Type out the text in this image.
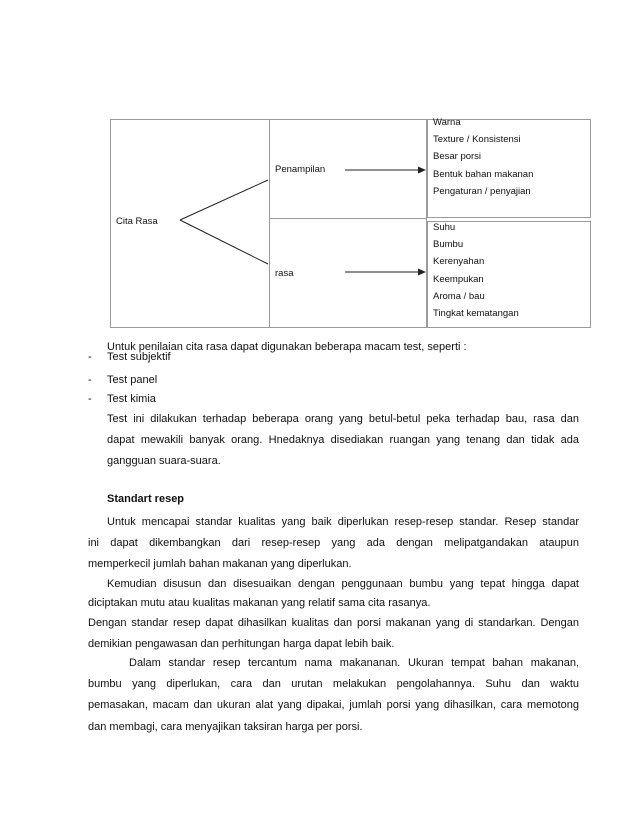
Cita Rasa
Penampilan
rasa
Warna
Texture / Konsistensi
Besar porsi
Bentuk bahan makanan
Pengaturan / penyajian
Suhu
Bumbu
Kerenyahan
Keempukan
Aroma / bau
Tingkat kematangan
Untuk penilaian cita rasa dapat digunakan beberapa macam test, seperti :
- Test subjektif
- Test panel
- Test kimia
Test ini dilakukan terhadap beberapa orang yang betul-betul peka terhadap bau, rasa dan
dapat mewakili banyak orang. Hnedaknya disediakan ruangan yang tenang dan tidak ada
gangguan suara-suara.
Standart resep
Untuk mencapai standar kualitas yang baik diperlukan resep-resep standar. Resep standar
ini dapat dikembangkan dari resep-resep yang ada dengan melipatgandakan ataupun
memperkecil jumlah bahan makanan yang diperlukan.
Kemudian disusun dan disesuaikan dengan penggunaan bumbu yang tepat hingga dapat
diciptakan mutu atau kualitas makanan yang relatif sama cita rasanya.
Dengan standar resep dapat dihasilkan kualitas dan porsi makanan yang di standarkan. Dengan
demikian pengawasan dan perhitungan harga dapat lebih baik.
Dalam standar resep tercantum nama makananan. Ukuran tempat bahan makanan,
bumbu yang diperlukan, cara dan urutan melakukan pengolahannya. Suhu dan waktu
pemasakan, macam dan ukuran alat yang dipakai, jumlah porsi yang dihasilkan, cara memotong
dan membagi, cara menyajikan taksiran harga per porsi.
